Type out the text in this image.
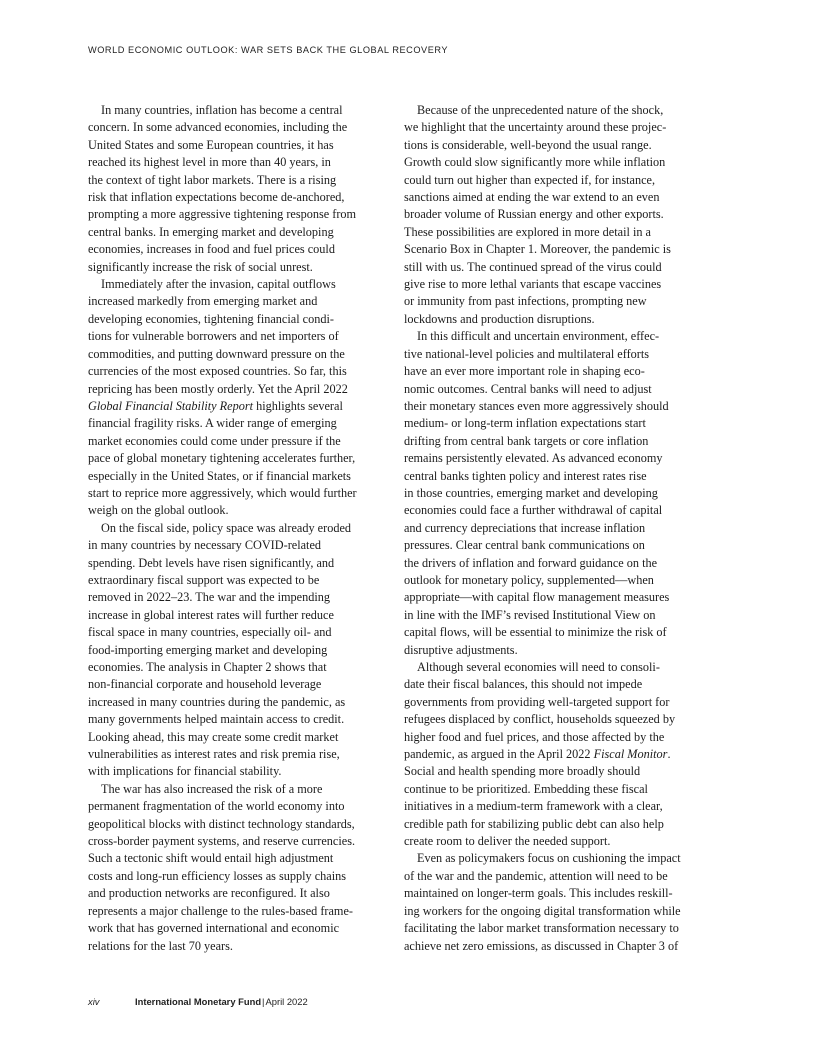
WORLD ECONOMIC OUTLOOK: WAR SETS BACK THE GLOBAL RECOVERY

In many countries, inflation has become a central
concern. In some advanced economies, including the
United States and some European countries, it has
reached its highest level in more than 40 years, in
the context of tight labor markets. There is a rising
risk that inflation expectations become de-anchored,
prompting a more aggressive tightening response from
central banks. In emerging market and developing
economies, increases in food and fuel prices could
significantly increase the risk of social unrest.

Immediately after the invasion, capital outflows
increased markedly from emerging market and
developing economies, tightening financial condi-
tions for vulnerable borrowers and net importers of
commodities, and putting downward pressure on the
currencies of the most exposed countries. So far, this
repricing has been mostly orderly. Yet the April 2022
Global Financial Stability Report highlights several
financial fragility risks. A wider range of emerging
market economies could come under pressure if the
pace of global monetary tightening accelerates further,
especially in the United States, or if financial markets
start to reprice more aggressively, which would further
weigh on the global outlook.

On the fiscal side, policy space was already eroded
in many countries by necessary COVID-related
spending. Debt levels have risen significantly, and
extraordinary fiscal support was expected to be
removed in 2022–23. The war and the impending
increase in global interest rates will further reduce
fiscal space in many countries, especially oil- and
food-importing emerging market and developing
economies. The analysis in Chapter 2 shows that
non-financial corporate and household leverage
increased in many countries during the pandemic, as
many governments helped maintain access to credit.
Looking ahead, this may create some credit market
vulnerabilities as interest rates and risk premia rise,
with implications for financial stability.

The war has also increased the risk of a more
permanent fragmentation of the world economy into
geopolitical blocks with distinct technology standards,
cross-border payment systems, and reserve currencies.
Such a tectonic shift would entail high adjustment
costs and long-run efficiency losses as supply chains
and production networks are reconfigured. It also
represents a major challenge to the rules-based frame-
work that has governed international and economic
relations for the last 70 years.

Because of the unprecedented nature of the shock,
we highlight that the uncertainty around these projec-
tions is considerable, well-beyond the usual range.
Growth could slow significantly more while inflation
could turn out higher than expected if, for instance,
sanctions aimed at ending the war extend to an even
broader volume of Russian energy and other exports.
These possibilities are explored in more detail in a
Scenario Box in Chapter 1. Moreover, the pandemic is
still with us. The continued spread of the virus could
give rise to more lethal variants that escape vaccines
or immunity from past infections, prompting new
lockdowns and production disruptions.

In this difficult and uncertain environment, effec-
tive national-level policies and multilateral efforts
have an ever more important role in shaping eco-
nomic outcomes. Central banks will need to adjust
their monetary stances even more aggressively should
medium- or long-term inflation expectations start
drifting from central bank targets or core inflation
remains persistently elevated. As advanced economy
central banks tighten policy and interest rates rise
in those countries, emerging market and developing
economies could face a further withdrawal of capital
and currency depreciations that increase inflation
pressures. Clear central bank communications on
the drivers of inflation and forward guidance on the
outlook for monetary policy, supplemented—when
appropriate—with capital flow management measures
in line with the IMF’s revised Institutional View on
capital flows, will be essential to minimize the risk of
disruptive adjustments.

Although several economies will need to consoli-
date their fiscal balances, this should not impede
governments from providing well-targeted support for
refugees displaced by conflict, households squeezed by
higher food and fuel prices, and those affected by the
pandemic, as argued in the April 2022 Fiscal Monitor.
Social and health spending more broadly should
continue to be prioritized. Embedding these fiscal
initiatives in a medium-term framework with a clear,
credible path for stabilizing public debt can also help
create room to deliver the needed support.

Even as policymakers focus on cushioning the impact
of the war and the pandemic, attention will need to be
maintained on longer-term goals. This includes reskill-
ing workers for the ongoing digital transformation while
facilitating the labor market transformation necessary to
achieve net zero emissions, as discussed in Chapter 3 of

xiv	International Monetary Fund|April 2022
